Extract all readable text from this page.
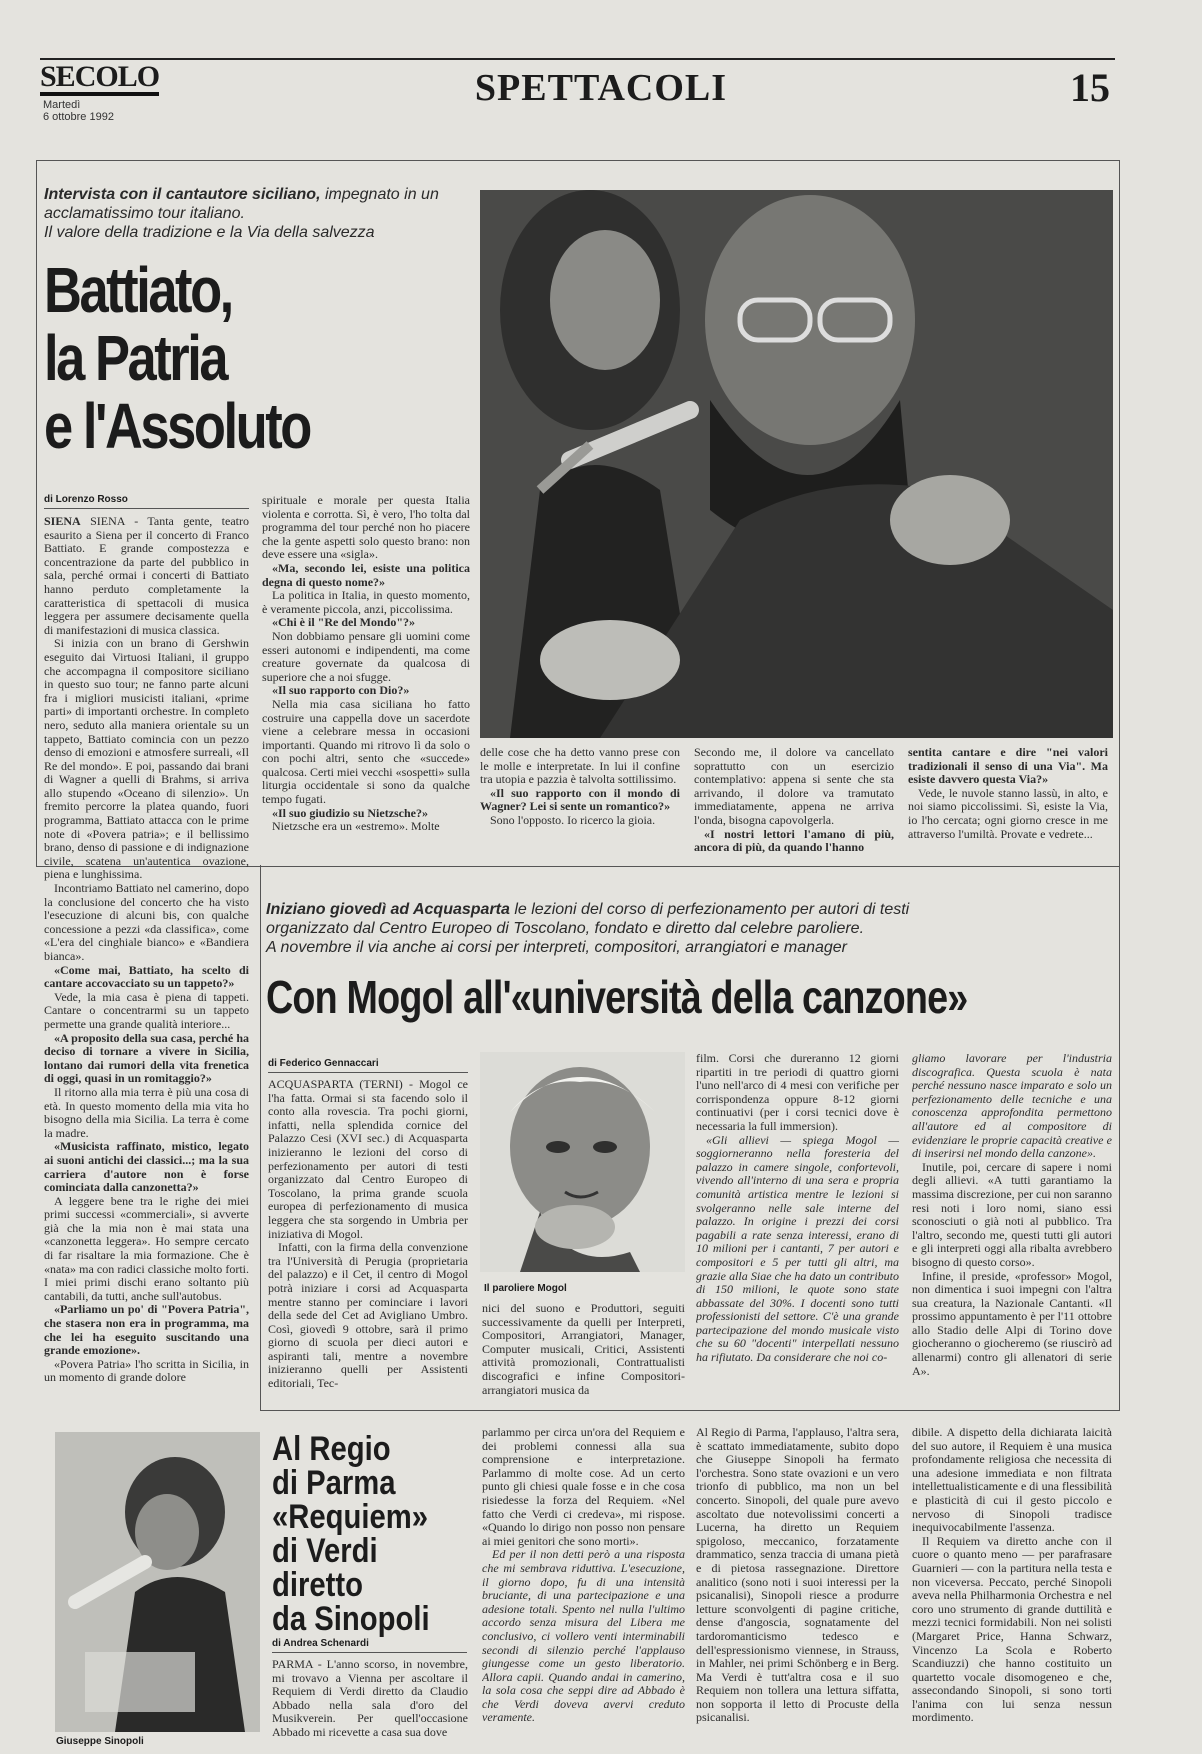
SECOLO
Martedì
6 ottobre 1992
SPETTACOLI	15
Intervista con il cantautore siciliano, impegnato in un acclamatissimo tour italiano.
Il valore della tradizione e la Via della salvezza
Battiato,
la Patria
e l'Assoluto
di Lorenzo Rosso

SIENA SIENA - Tanta gente, teatro esaurito a Siena per il concerto di Franco Battiato. E grande compostezza e concentrazione da parte del pubblico in sala, perché ormai i concerti di Battiato hanno perduto completamente la caratteristica di spettacoli di musica leggera per assumere decisamente quella di manifestazioni di musica classica.

Si inizia con un brano di Gershwin eseguito dai Virtuosi Italiani, il gruppo che accompagna il compositore siciliano in questo suo tour; ne fanno parte alcuni fra i migliori musicisti italiani, «prime parti» di importanti orchestre. In completo nero, seduto alla maniera orientale su un tappeto, Battiato comincia con un pezzo denso di emozioni e atmosfere surreali, «Il Re del mondo». E poi, passando dai brani di Wagner a quelli di Brahms, si arriva allo stupendo «Oceano di silenzio». Un fremito percorre la platea quando, fuori programma, Battiato attacca con le prime note di «Povera patria»; e il bellissimo brano, denso di passione e di indignazione civile, scatena un'autentica ovazione, piena e lunghissima.

Incontriamo Battiato nel camerino, dopo la conclusione del concerto che ha visto l'esecuzione di alcuni bis, con qualche concessione a pezzi «da classifica», come «L'era del cinghiale bianco» e «Bandiera bianca».

«Come mai, Battiato, ha scelto di cantare accovacciato su un tappeto?»

Vede, la mia casa è piena di tappeti. Cantare o concentrarmi su un tappeto permette una grande qualità interiore...

«A proposito della sua casa, perché ha deciso di tornare a vivere in Sicilia, lontano dai rumori della vita frenetica di oggi, quasi in un romitaggio?»

Il ritorno alla mia terra è più una cosa di età. In questo momento della mia vita ho bisogno della mia Sicilia. La terra è come la madre.

«Musicista raffinato, mistico, legato ai suoni antichi dei classici...; ma la sua carriera d'autore non è forse cominciata dalla canzonetta?»

A leggere bene tra le righe dei miei primi successi «commerciali», si avverte già che la mia non è mai stata una «canzonetta leggera». Ho sempre cercato di far risaltare la mia formazione. Che è «nata» ma con radici classiche molto forti. I miei primi dischi erano soltanto più cantabili, da tutti, anche sull'autobus.

«Parliamo un po' di "Povera Patria", che stasera non era in programma, ma che lei ha eseguito suscitando una grande emozione».

«Povera Patria» l'ho scritta in Sicilia, in un momento di grande dolore

spirituale e morale per questa Italia violenta e corrotta. Sì, è vero, l'ho tolta dal programma del tour perché non ho piacere che la gente aspetti solo questo brano: non deve essere una «sigla».

«Ma, secondo lei, esiste una politica degna di questo nome?»

La politica in Italia, in questo momento, è veramente piccola, anzi, piccolissima.

«Chi è il "Re del Mondo"?»

Non dobbiamo pensare gli uomini come esseri autonomi e indipendenti, ma come creature governate da qualcosa di superiore che a noi sfugge.

«Il suo rapporto con Dio?»

Nella mia casa siciliana ho fatto costruire una cappella dove un sacerdote viene a celebrare messa in occasioni importanti. Quando mi ritrovo lì da solo o con pochi altri, sento che «succede» qualcosa. Certi miei vecchi «sospetti» sulla liturgia occidentale si sono da qualche tempo fugati.

«Il suo giudizio su Nietzsche?»

Nietzsche era un «estremo». Molte

delle cose che ha detto vanno prese con le molle e interpretate. In lui il confine tra utopia e pazzia è talvolta sottilissimo.

«Il suo rapporto con il mondo di Wagner? Lei si sente un romantico?»

Sono l'opposto. Io ricerco la gioia.

Secondo me, il dolore va cancellato soprattutto con un esercizio contemplativo: appena si sente che sta arrivando, il dolore va tramutato immediatamente, appena ne arriva l'onda, bisogna capovolgerla.

«I nostri lettori l'amano di più, ancora di più, da quando l'hanno

sentita cantare e dire "nei valori tradizionali il senso di una Via". Ma esiste davvero questa Via?»

Vede, le nuvole stanno lassù, in alto, e noi siamo piccolissimi. Sì, esiste la Via, io l'ho cercata; ogni giorno cresce in me attraverso l'umiltà. Provate e vedrete...

Iniziano giovedì ad Acquasparta le lezioni del corso di perfezionamento per autori di testi organizzato dal Centro Europeo di Toscolano, fondato e diretto dal celebre paroliere.
A novembre il via anche ai corsi per interpreti, compositori, arrangiatori e manager
Con Mogol all'«università della canzone»
di Federico Gennaccari

ACQUASPARTA (TERNI) - Mogol ce l'ha fatta. Ormai si sta facendo solo il conto alla rovescia. Tra pochi giorni, infatti, nella splendida cornice del Palazzo Cesi (XVI sec.) di Acquasparta inizieranno le lezioni del corso di perfezionamento per autori di testi organizzato dal Centro Europeo di Toscolano, la prima grande scuola europea di perfezionamento di musica leggera che sta sorgendo in Umbria per iniziativa di Mogol.

Infatti, con la firma della convenzione tra l'Università di Perugia (proprietaria del palazzo) e il Cet, il centro di Mogol potrà iniziare i corsi ad Acquasparta mentre stanno per cominciare i lavori della sede del Cet ad Avigliano Umbro. Così, giovedì 9 ottobre, sarà il primo giorno di scuola per dieci autori e aspiranti tali, mentre a novembre inizieranno quelli per Assistenti editoriali, Tec-

Il paroliere Mogol

nici del suono e Produttori, seguiti successivamente da quelli per Interpreti, Compositori, Arrangiatori, Manager, Computer musicali, Critici, Assistenti attività promozionali, Contrattualisti discografici e infine Compositori-arrangiatori musica da

film. Corsi che dureranno 12 giorni ripartiti in tre periodi di quattro giorni l'uno nell'arco di 4 mesi con verifiche per corrispondenza oppure 8-12 giorni continuativi (per i corsi tecnici dove è necessaria la full immersion).

«Gli allievi — spiega Mogol — soggiorneranno nella foresteria del palazzo in camere singole, confortevoli, vivendo all'interno di una sera e propria comunità artistica mentre le lezioni si svolgeranno nelle sale interne del palazzo. In origine i prezzi dei corsi pagabili a rate senza interessi, erano di 10 milioni per i cantanti, 7 per autori e compositori e 5 per tutti gli altri, ma grazie alla Siae che ha dato un contributo di 150 milioni, le quote sono state abbassate del 30%. I docenti sono tutti professionisti del settore. C'è una grande partecipazione del mondo musicale visto che su 60 "docenti" interpellati nessuno ha rifiutato. Da considerare che noi co-

gliamo lavorare per l'industria discografica. Questa scuola è nata perché nessuno nasce imparato e solo un perfezionamento delle tecniche e una conoscenza approfondita permettono all'autore ed al compositore di evidenziare le proprie capacità creative e di inserirsi nel mondo della canzone».

Inutile, poi, cercare di sapere i nomi degli allievi. «A tutti garantiamo la massima discrezione, per cui non saranno resi noti i loro nomi, siano essi sconosciuti o già noti al pubblico. Tra l'altro, secondo me, questi tutti gli autori e gli interpreti oggi alla ribalta avrebbero bisogno di questo corso».

Infine, il preside, «professor» Mogol, non dimentica i suoi impegni con l'altra sua creatura, la Nazionale Cantanti. «Il prossimo appuntamento è per l'11 ottobre allo Stadio delle Alpi di Torino dove giocheranno o giocheremo (se riuscirò ad allenarmi) contro gli allenatori di serie A».

Giuseppe Sinopoli
Al Regio
di Parma
«Requiem»
di Verdi
diretto
da Sinopoli
di Andrea Schenardi

PARMA - L'anno scorso, in novembre, mi trovavo a Vienna per ascoltare il Requiem di Verdi diretto da Claudio Abbado nella sala d'oro del Musikverein. Per quell'occasione Abbado mi ricevette a casa sua dove

parlammo per circa un'ora del Requiem e dei problemi connessi alla sua comprensione e interpretazione. Parlammo di molte cose. Ad un certo punto gli chiesi quale fosse e in che cosa risiedesse la forza del Requiem. «Nel fatto che Verdi ci credeva», mi rispose. «Quando lo dirigo non posso non pensare ai miei genitori che sono morti».

Ed per il non detti però a una risposta che mi sembrava riduttiva. L'esecuzione, il giorno dopo, fu di una intensità bruciante, di una partecipazione e una adesione totali. Spento nel nulla l'ultimo accordo senza misura del Libera me conclusivo, ci vollero venti interminabili secondi di silenzio perché l'applauso giungesse come un gesto liberatorio. Allora capii. Quando andai in camerino, la sola cosa che seppi dire ad Abbado è che Verdi doveva avervi creduto veramente.

Al Regio di Parma, l'applauso, l'altra sera, è scattato immediatamente, subito dopo che Giuseppe Sinopoli ha fermato l'orchestra. Sono state ovazioni e un vero trionfo di pubblico, ma non un bel concerto. Sinopoli, del quale pure avevo ascoltato due notevolissimi concerti a Lucerna, ha diretto un Requiem spigoloso, meccanico, forzatamente drammatico, senza traccia di umana pietà e di pietosa rassegnazione. Direttore analitico (sono noti i suoi interessi per la psicanalisi), Sinopoli riesce a produrre letture sconvolgenti di pagine critiche, dense d'angoscia, sognatamente del tardoromanticismo tedesco e dell'espressionismo viennese, in Strauss, in Mahler, nei primi Schönberg e in Berg. Ma Verdi è tutt'altra cosa e il suo Requiem non tollera una lettura siffatta, non sopporta il letto di Procuste della psicanalisi.

dibile. A dispetto della dichiarata laicità del suo autore, il Requiem è una musica profondamente religiosa che necessita di una adesione immediata e non filtrata intellettualisticamente e di una flessibilità e plasticità di cui il gesto piccolo e nervoso di Sinopoli tradisce inequivocabilmente l'assenza.

Il Requiem va diretto anche con il cuore o quanto meno — per parafrasare Guarnieri — con la partitura nella testa e non viceversa. Peccato, perché Sinopoli aveva nella Philharmonia Orchestra e nel coro uno strumento di grande duttilità e mezzi tecnici formidabili. Non nei solisti (Margaret Price, Hanna Schwarz, Vincenzo La Scola e Roberto Scandiuzzi) che hanno costituito un quartetto vocale disomogeneo e che, assecondando Sinopoli, si sono torti l'anima con lui senza nessun mordimento.
